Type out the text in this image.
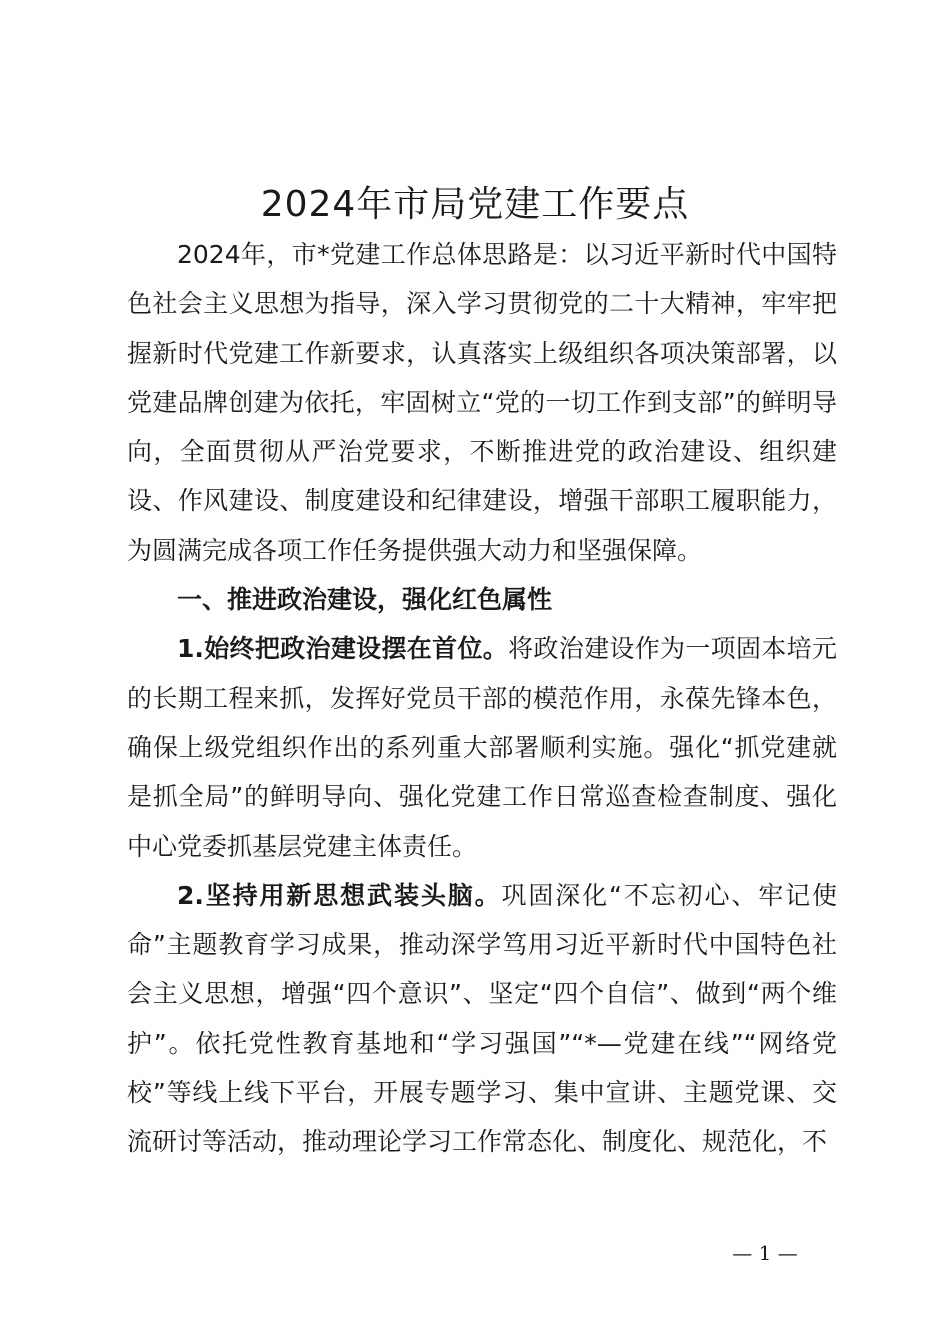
2024年市局党建工作要点

2024年，市*党建工作总体思路是：以习近平新时代中国特色社会主义思想为指导，深入学习贯彻党的二十大精神，牢牢把握新时代党建工作新要求，认真落实上级组织各项决策部署，以党建品牌创建为依托，牢固树立“党的一切工作到支部”的鲜明导向，全面贯彻从严治党要求，不断推进党的政治建设、组织建设、作风建设、制度建设和纪律建设，增强干部职工履职能力，为圆满完成各项工作任务提供强大动力和坚强保障。

一、推进政治建设，强化红色属性

1.始终把政治建设摆在首位。将政治建设作为一项固本培元的长期工程来抓，发挥好党员干部的模范作用，永葆先锋本色，确保上级党组织作出的系列重大部署顺利实施。强化“抓党建就是抓全局”的鲜明导向、强化党建工作日常巡查检查制度、强化中心党委抓基层党建主体责任。

2.坚持用新思想武装头脑。巩固深化“不忘初心、牢记使命”主题教育学习成果，推动深学笃用习近平新时代中国特色社会主义思想，增强“四个意识”、坚定“四个自信”、做到“两个维护”。依托党性教育基地和“学习强国”“*—党建在线”“网络党校”等线上线下平台，开展专题学习、集中宣讲、主题党课、交流研讨等活动，推动理论学习工作常态化、制度化、规范化，不

— 1 —
